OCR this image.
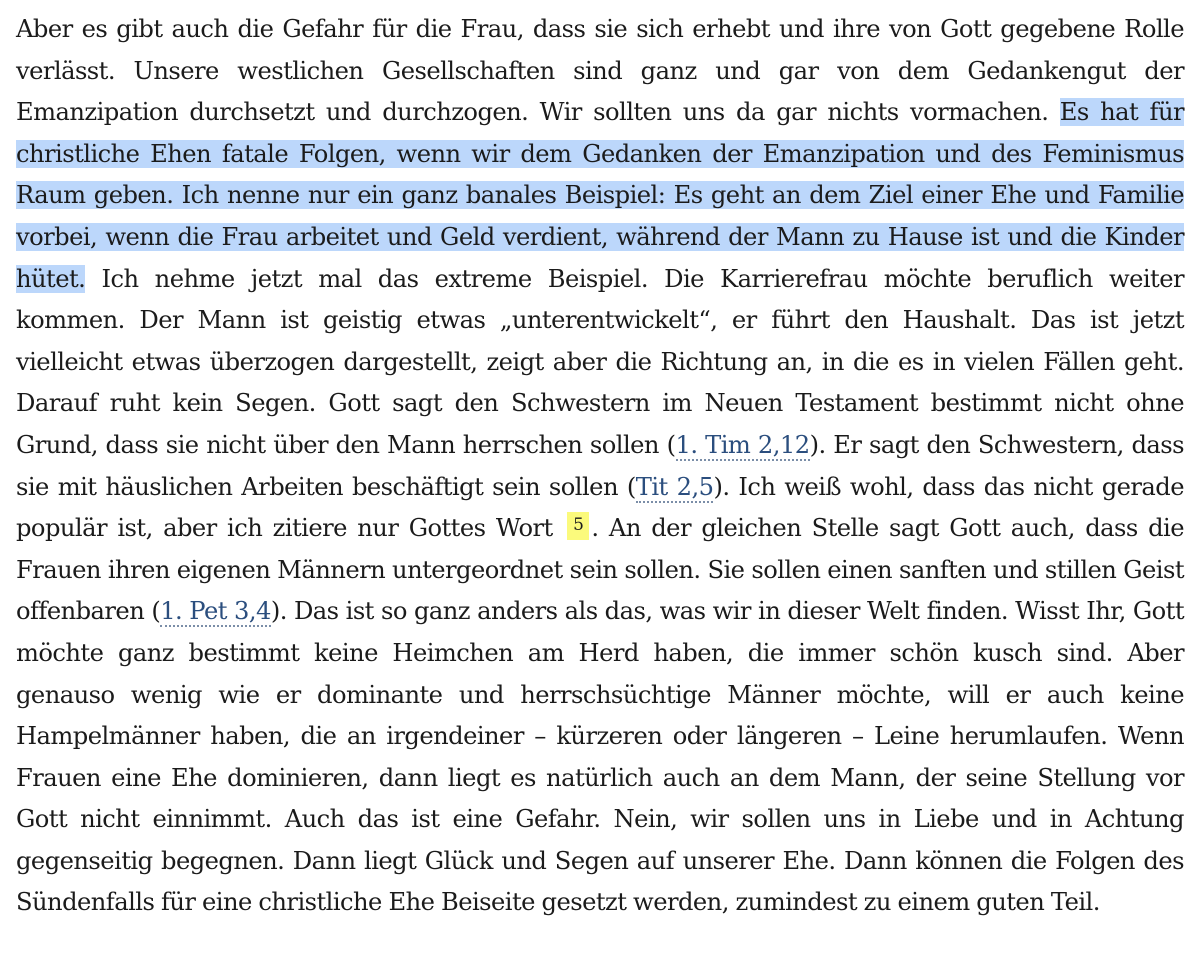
Aber es gibt auch die Gefahr für die Frau, dass sie sich erhebt und ihre von Gott gegebene Rolle verlässt. Unsere westlichen Gesellschaften sind ganz und gar von dem Gedankengut der Emanzipation durchsetzt und durchzogen. Wir sollten uns da gar nichts vormachen. Es hat für christliche Ehen fatale Folgen, wenn wir dem Gedanken der Emanzipation und des Feminismus Raum geben. Ich nenne nur ein ganz banales Beispiel: Es geht an dem Ziel einer Ehe und Familie vorbei, wenn die Frau arbeitet und Geld verdient, während der Mann zu Hause ist und die Kinder hütet. Ich nehme jetzt mal das extreme Beispiel. Die Karrierefrau möchte beruflich weiter kommen. Der Mann ist geistig etwas „unterentwickelt“, er führt den Haushalt. Das ist jetzt vielleicht etwas überzogen dargestellt, zeigt aber die Richtung an, in die es in vielen Fällen geht. Darauf ruht kein Segen. Gott sagt den Schwestern im Neuen Testament bestimmt nicht ohne Grund, dass sie nicht über den Mann herrschen sollen (1. Tim 2,12). Er sagt den Schwestern, dass sie mit häuslichen Arbeiten beschäftigt sein sollen (Tit 2,5). Ich weiß wohl, dass das nicht gerade populär ist, aber ich zitiere nur Gottes Wort 5 . An der gleichen Stelle sagt Gott auch, dass die Frauen ihren eigenen Männern untergeordnet sein sollen. Sie sollen einen sanften und stillen Geist offenbaren (1. Pet 3,4). Das ist so ganz anders als das, was wir in dieser Welt finden. Wisst Ihr, Gott möchte ganz bestimmt keine Heimchen am Herd haben, die immer schön kusch sind. Aber genauso wenig wie er dominante und herrschsüchtige Männer möchte, will er auch keine Hampelmänner haben, die an irgendeiner – kürzeren oder längeren – Leine herumlaufen. Wenn Frauen eine Ehe dominieren, dann liegt es natürlich auch an dem Mann, der seine Stellung vor Gott nicht einnimmt. Auch das ist eine Gefahr. Nein, wir sollen uns in Liebe und in Achtung gegenseitig begegnen. Dann liegt Glück und Segen auf unserer Ehe. Dann können die Folgen des Sündenfalls für eine christliche Ehe Beiseite gesetzt werden, zumindest zu einem guten Teil.
